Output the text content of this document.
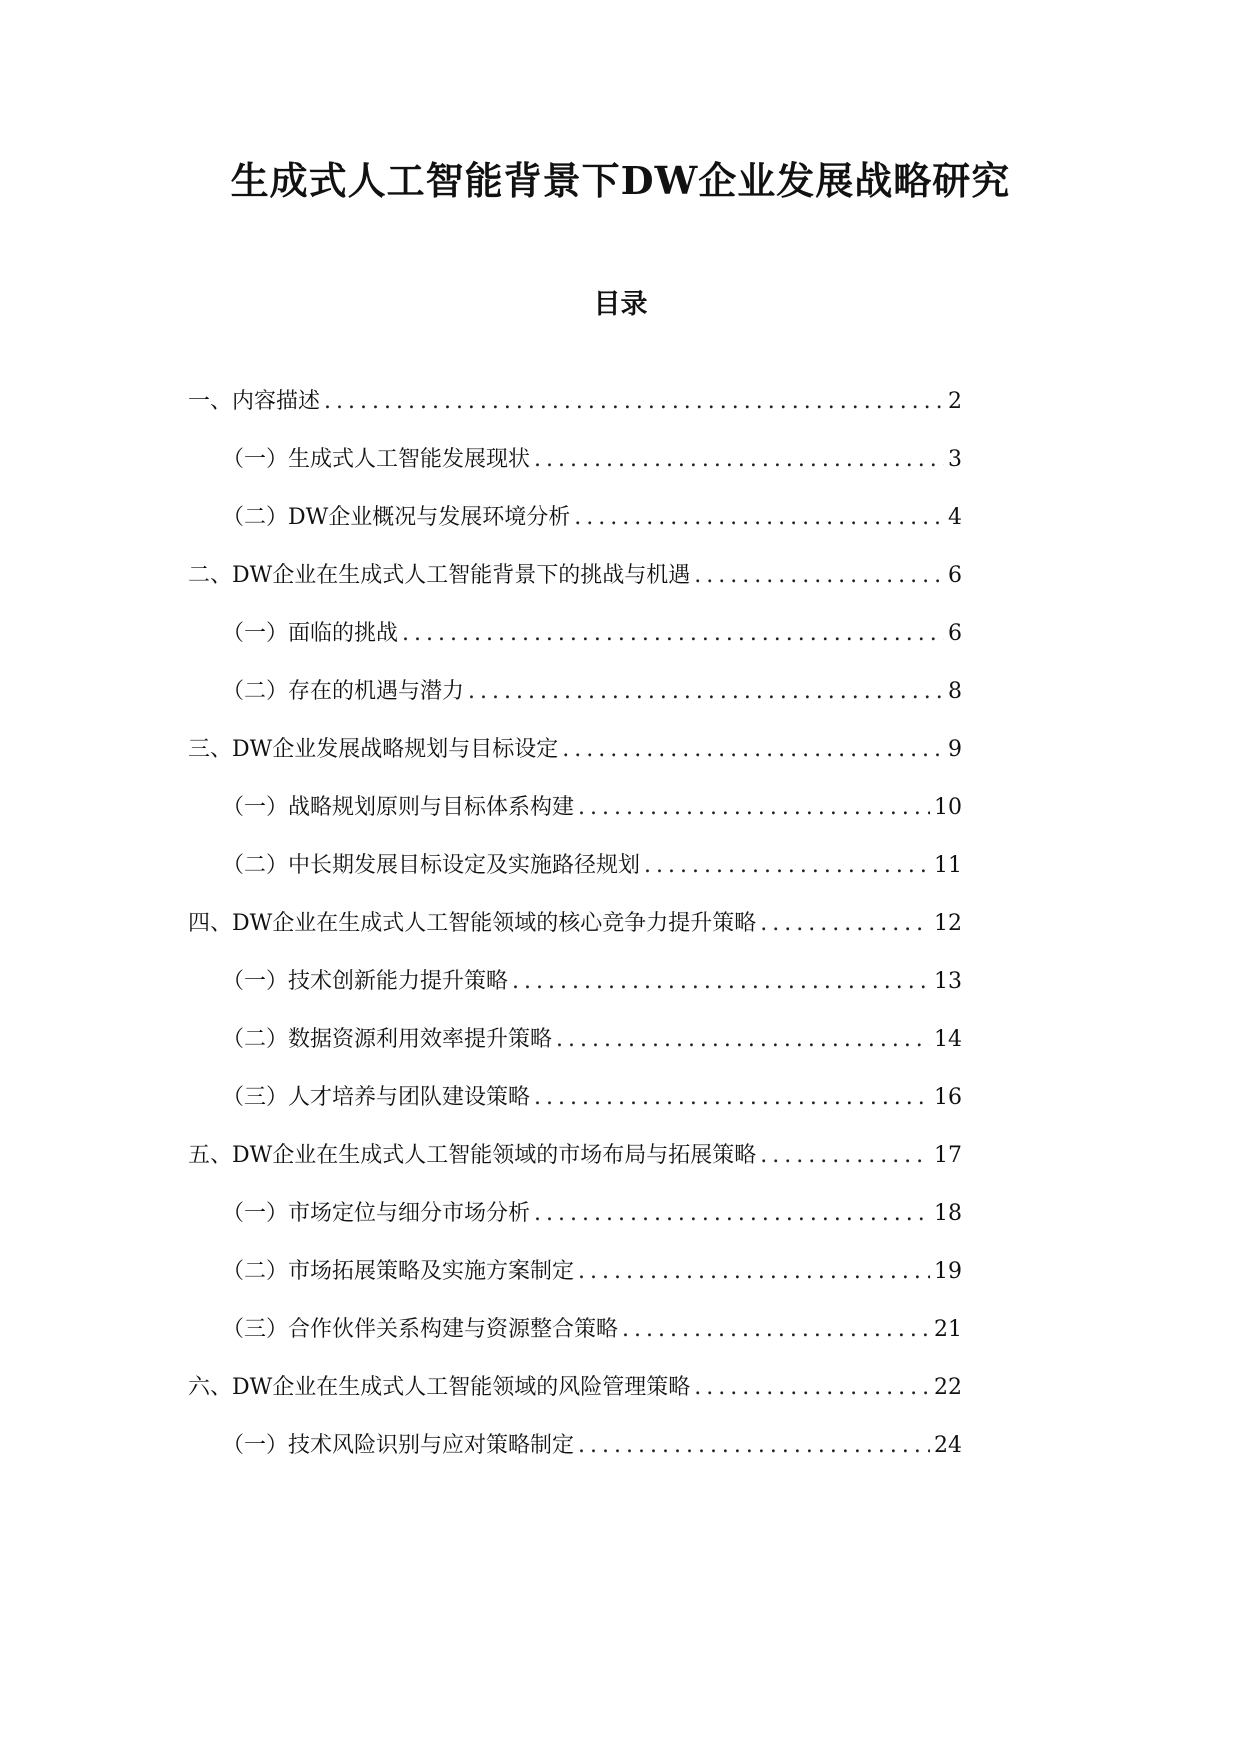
生成式人工智能背景下DW企业发展战略研究
目录
一、内容描述 .....	2
（一）生成式人工智能发展现状 .....	3
（二）DW企业概况与发展环境分析 .....	4
二、DW企业在生成式人工智能背景下的挑战与机遇 .....	6
（一）面临的挑战 .....	6
（二）存在的机遇与潜力 .....	8
三、DW企业发展战略规划与目标设定 .....	9
（一）战略规划原则与目标体系构建 .....	10
（二）中长期发展目标设定及实施路径规划 .....	11
四、DW企业在生成式人工智能领域的核心竞争力提升策略 .....	12
（一）技术创新能力提升策略 .....	13
（二）数据资源利用效率提升策略 .....	14
（三）人才培养与团队建设策略 .....	16
五、DW企业在生成式人工智能领域的市场布局与拓展策略 .....	17
（一）市场定位与细分市场分析 .....	18
（二）市场拓展策略及实施方案制定 .....	19
（三）合作伙伴关系构建与资源整合策略 .....	21
六、DW企业在生成式人工智能领域的风险管理策略 .....	22
（一）技术风险识别与应对策略制定 .....	24
